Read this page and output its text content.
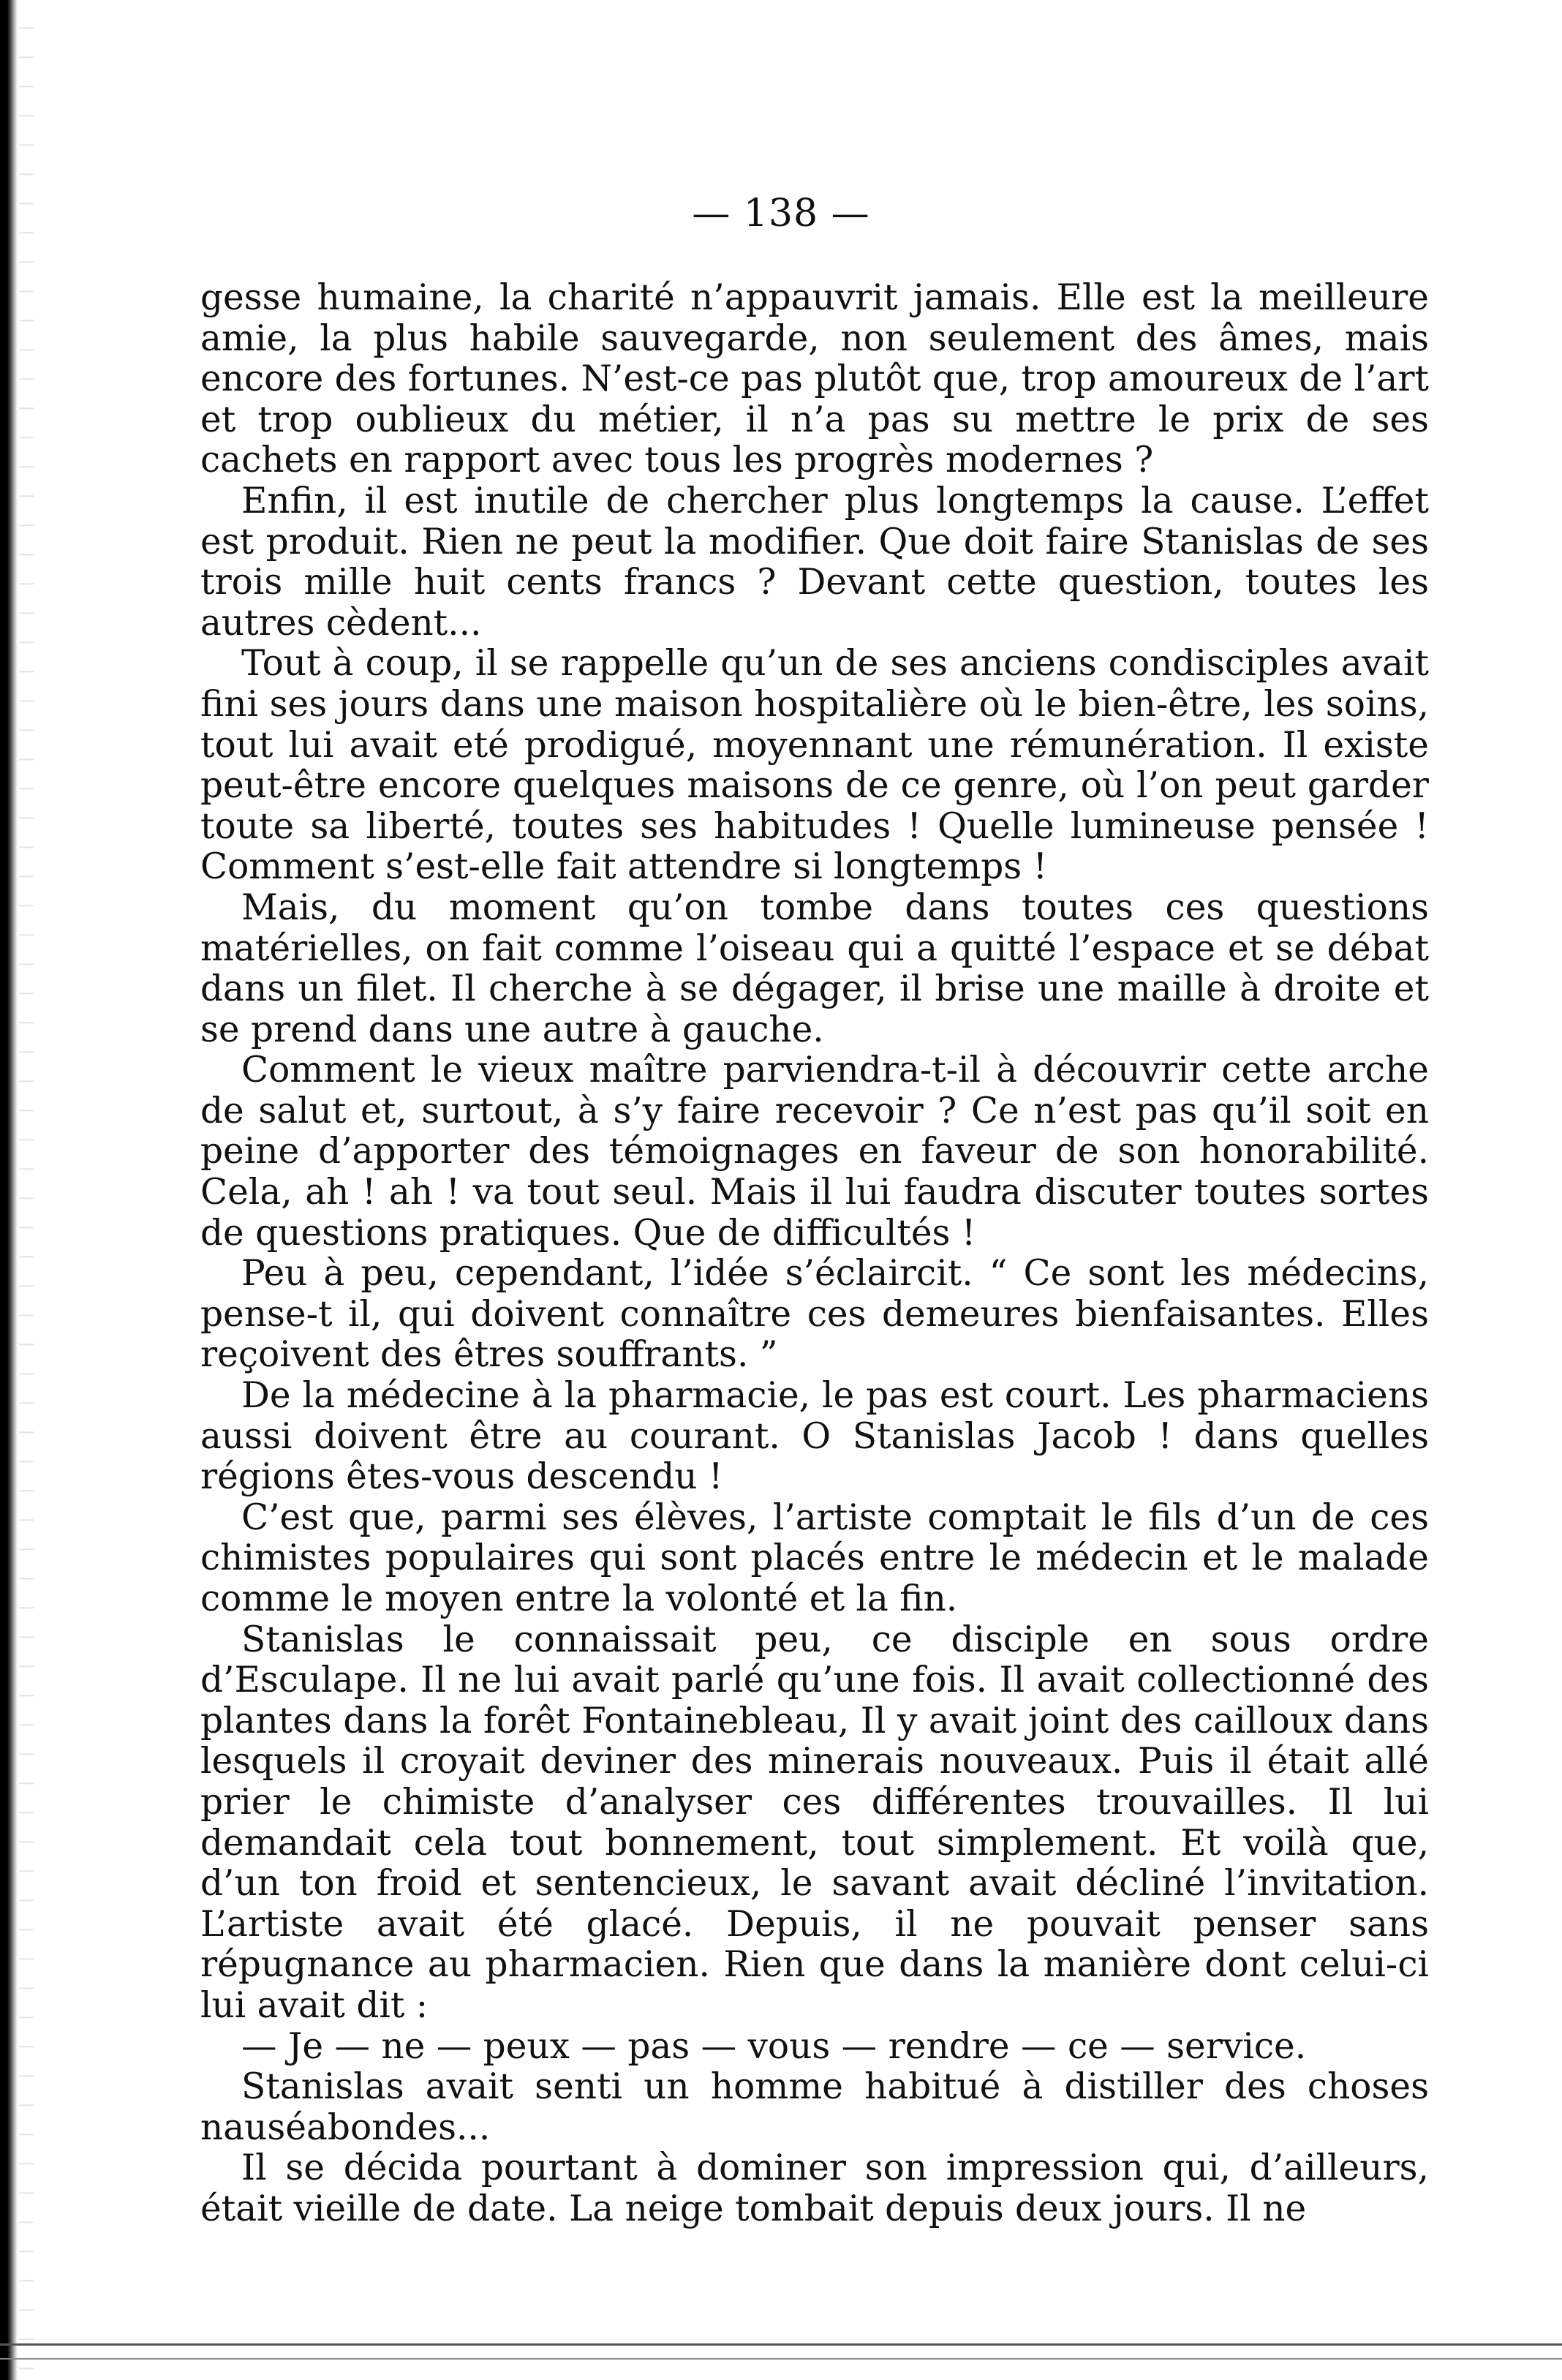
— 138 —

gesse humaine, la charité n’appauvrit jamais. Elle est la meilleure amie, la plus habile sauvegarde, non seulement des âmes, mais encore des fortunes. N’est-ce pas plutôt que, trop amoureux de l’art et trop oublieux du métier, il n’a pas su mettre le prix de ses cachets en rapport avec tous les progrès modernes ?

Enfin, il est inutile de chercher plus longtemps la cause. L’effet est produit. Rien ne peut la modifier. Que doit faire Stanislas de ses trois mille huit cents francs ? Devant cette question, toutes les autres cèdent...

Tout à coup, il se rappelle qu’un de ses anciens condisciples avait fini ses jours dans une maison hospitalière où le bien-être, les soins, tout lui avait eté prodigué, moyennant une rémunération. Il existe peut-être encore quelques maisons de ce genre, où l’on peut garder toute sa liberté, toutes ses habitudes ! Quelle lumineuse pensée ! Comment s’est-elle fait attendre si longtemps !

Mais, du moment qu’on tombe dans toutes ces questions matérielles, on fait comme l’oiseau qui a quitté l’espace et se débat dans un filet. Il cherche à se dégager, il brise une maille à droite et se prend dans une autre à gauche.

Comment le vieux maître parviendra-t-il à découvrir cette arche de salut et, surtout, à s’y faire recevoir ? Ce n’est pas qu’il soit en peine d’apporter des témoignages en faveur de son honorabilité. Cela, ah ! ah ! va tout seul. Mais il lui faudra discuter toutes sortes de questions pratiques. Que de difficultés !

Peu à peu, cependant, l’idée s’éclaircit. “ Ce sont les médecins, pense-t il, qui doivent connaître ces demeures bienfaisantes. Elles reçoivent des êtres souffrants. ”

De la médecine à la pharmacie, le pas est court. Les pharmaciens aussi doivent être au courant. O Stanislas Jacob ! dans quelles régions êtes-vous descendu !

C’est que, parmi ses élèves, l’artiste comptait le fils d’un de ces chimistes populaires qui sont placés entre le médecin et le malade comme le moyen entre la volonté et la fin.

Stanislas le connaissait peu, ce disciple en sous ordre d’Esculape. Il ne lui avait parlé qu’une fois. Il avait collectionné des plantes dans la forêt Fontainebleau, Il y avait joint des cailloux dans lesquels il croyait deviner des minerais nouveaux. Puis il était allé prier le chimiste d’analyser ces différentes trouvailles. Il lui demandait cela tout bonnement, tout simplement. Et voilà que, d’un ton froid et sentencieux, le savant avait décliné l’invitation. L’artiste avait été glacé. Depuis, il ne pouvait penser sans répugnance au pharmacien. Rien que dans la manière dont celui-ci lui avait dit :

— Je — ne — peux — pas — vous — rendre — ce — service.

Stanislas avait senti un homme habitué à distiller des choses nauséabondes...

Il se décida pourtant à dominer son impression qui, d’ailleurs, était vieille de date. La neige tombait depuis deux jours. Il ne
